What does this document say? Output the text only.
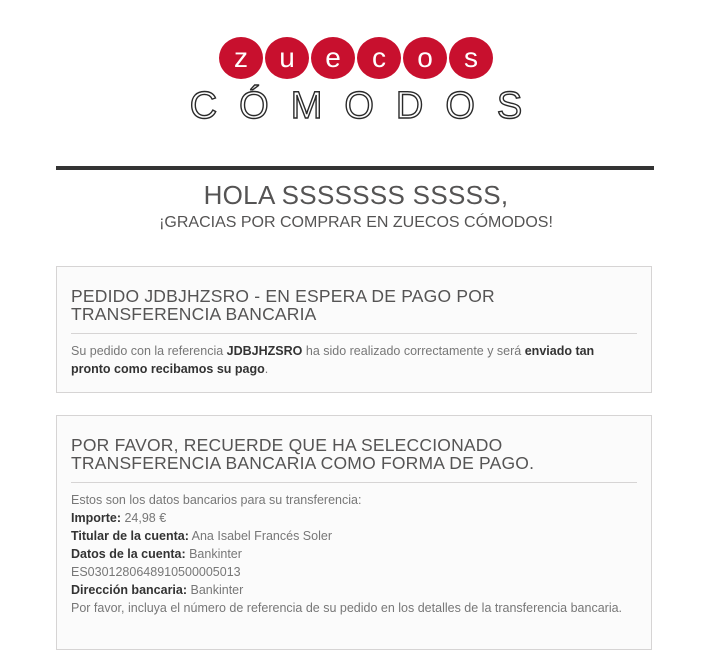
z u e c o s
CÓMODOS
HOLA SSSSSSS SSSSS,
¡GRACIAS POR COMPRAR EN ZUECOS CÓMODOS!
PEDIDO JDBJHZSRO - EN ESPERA DE PAGO POR
TRANSFERENCIA BANCARIA
Su pedido con la referencia JDBJHZSRO ha sido realizado correctamente y será enviado tan pronto como recibamos su pago.
POR FAVOR, RECUERDE QUE HA SELECCIONADO
TRANSFERENCIA BANCARIA COMO FORMA DE PAGO.
Estos son los datos bancarios para su transferencia:
Importe: 24,98 €
Titular de la cuenta: Ana Isabel Francés Soler
Datos de la cuenta: Bankinter
ES0301280648910500005013
Dirección bancaria: Bankinter
Por favor, incluya el número de referencia de su pedido en los detalles de la transferencia bancaria.
